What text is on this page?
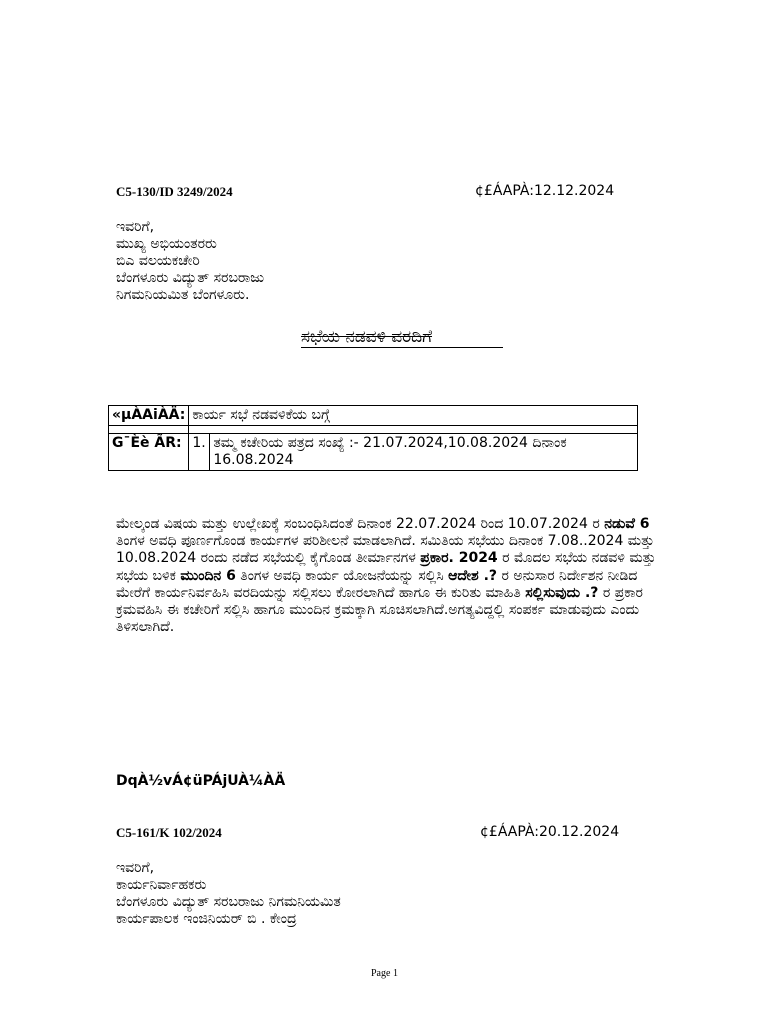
C5-130/ID 3249/2024	¢£ÁAPÀ:12.12.2024
ಇವರಿಗೆ,
ಮುಖ್ಯ ಅಭಿಯಂತರರು
ಬಿಎ ವಲಯಕಚೇರಿ
ಬೆಂಗಳೂರು ವಿದ್ಯುತ್ ಸರಬರಾಜು
ನಿಗಮನಿಯಮಿತ ಬೆಂಗಳೂರು.
ಸಭೆಯ ನಡವಳಿ ವರದಿಗೆ
«µÀAiÀÄ:	ಕಾರ್ಯ ಸಭೆ ನಡವಳಿಕೆಯ ಬಗ್ಗೆ	

G¯Èè ÃR:	1.	ತಮ್ಮ ಕಚೇರಿಯ ಪತ್ರದ ಸಂಖ್ಯೆ :- 21.07.2024,10.08.2024 ದಿನಾಂಕ 16.08.2024
ಮೇಲ್ಕಂಡ ವಿಷಯ ಮತ್ತು ಉಲ್ಲೇಖಕ್ಕೆ ಸಂಬಂಧಿಸಿದಂತೆ ದಿನಾಂಕ 22.07.2024 ರಿಂದ 10.07.2024 ರ ನಡುವೆ 6 ತಿಂಗಳ ಅವಧಿ ಪೂರ್ಣಗೊಂಡ ಕಾರ್ಯಗಳ ಪರಿಶೀಲನೆ ಮಾಡಲಾಗಿದೆ. ಸಮಿತಿಯ ಸಭೆಯು ದಿನಾಂಕ 7.08..2024 ಮತ್ತು 10.08.2024 ರಂದು ನಡೆದ ಸಭೆಯಲ್ಲಿ ಕೈಗೊಂಡ ತೀರ್ಮಾನಗಳ ಪ್ರಕಾರ. 2024 ರ ಮೊದಲ ಸಭೆಯ ನಡವಳಿ ಮತ್ತು ಸಭೆಯ ಬಳಿಕ ಮುಂದಿನ 6 ತಿಂಗಳ ಅವಧಿ ಕಾರ್ಯ ಯೋಜನೆಯನ್ನು ಸಲ್ಲಿಸಿ ಆದೇಶ .? ರ ಅನುಸಾರ ನಿರ್ದೇಶನ ನೀಡಿದ ಮೇರೆಗೆ ಕಾರ್ಯನಿರ್ವಹಿಸಿ ವರದಿಯನ್ನು ಸಲ್ಲಿಸಲು ಕೋರಲಾಗಿದೆ ಹಾಗೂ ಈ ಕುರಿತು ಮಾಹಿತಿ ಸಲ್ಲಿಸುವುದು .? ರ ಪ್ರಕಾರ ಕ್ರಮವಹಿಸಿ ಈ ಕಚೇರಿಗೆ ಸಲ್ಲಿಸಿ ಹಾಗೂ ಮುಂದಿನ ಕ್ರಮಕ್ಕಾಗಿ ಸೂಚಿಸಲಾಗಿದೆ.ಅಗತ್ಯವಿದ್ದಲ್ಲಿ ಸಂಪರ್ಕ ಮಾಡುವುದು ಎಂದು ತಿಳಿಸಲಾಗಿದೆ.
DqÀ½vÁ¢üPÁjUÀ¼ÀÄ
C5-161/K 102/2024	¢£ÁAPÀ:20.12.2024
ಇವರಿಗೆ,
ಕಾರ್ಯನಿರ್ವಾಹಕರು
ಬೆಂಗಳೂರು ವಿದ್ಯುತ್ ಸರಬರಾಜು ನಿಗಮನಿಯಮಿತ
ಕಾರ್ಯಪಾಲಕ ಇಂಜಿನಿಯರ್ ಬಿ . ಕೇಂದ್ರ
Page 1
